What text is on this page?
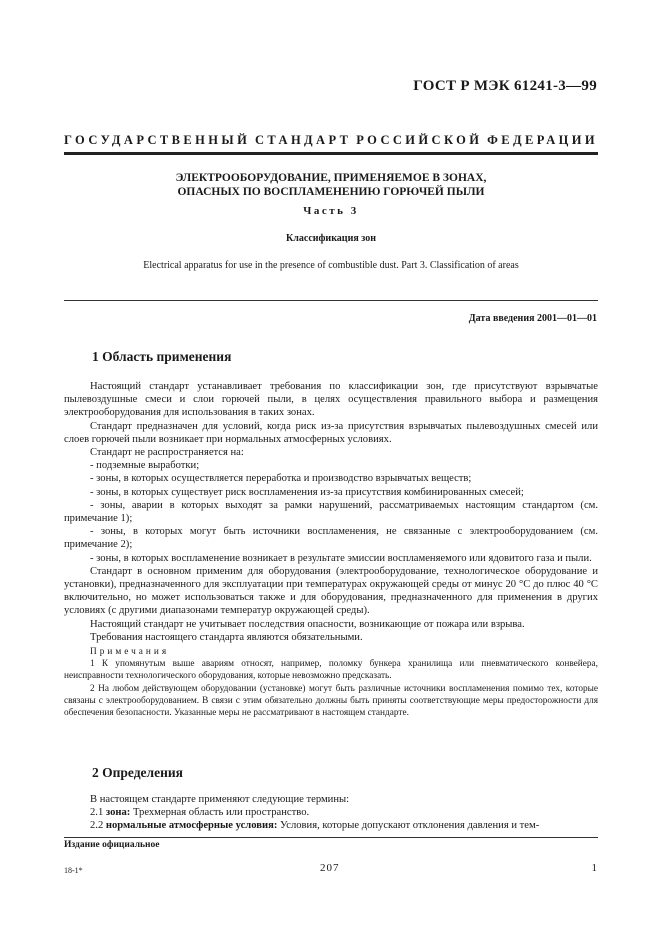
ГОСТ Р МЭК 61241-3—99
ГОСУДАРСТВЕННЫЙ СТАНДАРТ РОССИЙСКОЙ ФЕДЕРАЦИИ
ЭЛЕКТРООБОРУДОВАНИЕ, ПРИМЕНЯЕМОЕ В ЗОНАХ,
ОПАСНЫХ ПО ВОСПЛАМЕНЕНИЮ ГОРЮЧЕЙ ПЫЛИ
Часть 3
Классификация зон
Electrical apparatus for use in the presence of combustible dust. Part 3. Classification of areas
Дата введения 2001—01—01
1 Область применения

Настоящий стандарт устанавливает требования по классификации зон, где присутствуют взрывчатые пылевоздушные смеси и слои горючей пыли, в целях осуществления правильного выбора и размещения электрооборудования для использования в таких зонах.

Стандарт предназначен для условий, когда риск из-за присутствия взрывчатых пылевоздушных смесей или слоев горючей пыли возникает при нормальных атмосферных условиях.

Стандарт не распространяется на:

- подземные выработки;

- зоны, в которых осуществляется переработка и производство взрывчатых веществ;

- зоны, в которых существует риск воспламенения из-за присутствия комбинированных смесей;

- зоны, аварии в которых выходят за рамки нарушений, рассматриваемых настоящим стандартом (см. примечание 1);

- зоны, в которых могут быть источники воспламенения, не связанные с электрооборудованием (см. примечание 2);

- зоны, в которых воспламенение возникает в результате эмиссии воспламеняемого или ядовитого газа и пыли.

Стандарт в основном применим для оборудования (электрооборудование, технологическое оборудование и установки), предназначенного для эксплуатации при температурах окружающей среды от минус 20 °С до плюс 40 °С включительно, но может использоваться также и для оборудования, предназначенного для применения в других условиях (с другими диапазонами температур окружающей среды).

Настоящий стандарт не учитывает последствия опасности, возникающие от пожара или взрыва.

Требования настоящего стандарта являются обязательными.

Примечания

1 К упомянутым выше авариям относят, например, поломку бункера хранилища или пневматического конвейера, неисправности технологического оборудования, которые невозможно предсказать.

2 На любом действующем оборудовании (установке) могут быть различные источники воспламенения помимо тех, которые связаны с электрооборудованием. В связи с этим обязательно должны быть приняты соответствующие меры предосторожности для обеспечения безопасности. Указанные меры не рассматривают в настоящем стандарте.

2 Определения

В настоящем стандарте применяют следующие термины:

2.1 зона: Трехмерная область или пространство.

2.2 нормальные атмосферные условия: Условия, которые допускают отклонения давления и тем-

Издание официальное
18-1*	207	1
